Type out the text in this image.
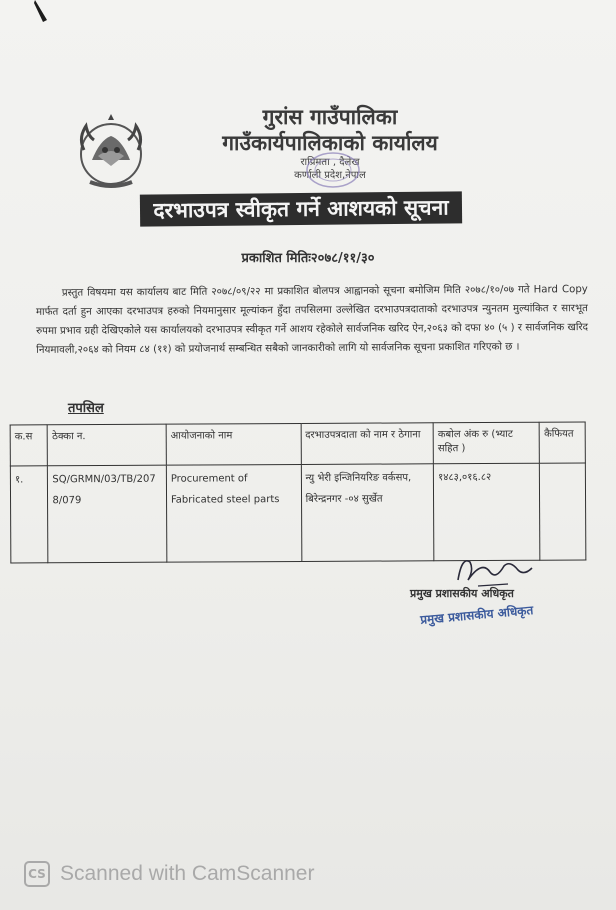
गुरांस गाउँपालिका
गाउँकार्यपालिकाको कार्यालय
राप्रिमता , दैलेख
कर्णाली प्रदेश,नेपाल
दरभाउपत्र स्वीकृत गर्ने आशयको सूचना
प्रकाशित मितिः२०७८/११/३०

प्रस्तुत विषयमा यस कार्यालय बाट मिति २०७८/०९/२२ मा प्रकाशित बोलपत्र आह्वानको सूचना बमोजिम मिति २०७८/१०/०७ गते Hard Copy मार्फत दर्ता हुन आएका दरभाउपत्र हरुको नियमानुसार मूल्यांकन हुँदा तपसिलमा उल्लेखित दरभाउपत्रदाताको दरभाउपत्र न्युनतम मुल्यांकित र सारभूत रुपमा प्रभाव ग्रही देखिएकोले यस कार्यालयको दरभाउपत्र स्वीकृत गर्ने आशय रहेकोले सार्वजनिक खरिद ऐन,२०६३ को दफा ४० (५ ) र सार्वजनिक खरिद नियमावली,२०६४ को नियम ८४ (११) को प्रयोजनार्थ सम्बन्धित सबैको जानकारीको लागि यो सार्वजनिक सूचना प्रकाशित गरिएको छ ।

तपसिल
क.स	ठेक्का न.	आयोजनाको नाम	दरभाउपत्रदाता को नाम र ठेगाना	कबोल अंक रु (भ्याट सहित )	कैफियत
१.	SQ/GRMN/03/TB/2078/079	Procurement of Fabricated steel parts	न्यु भेरी इन्जिनियरिङ वर्कसप, बिरेन्द्रनगर -०४ सुर्खेत	१४८३,०१६.८२	
प्रमुख प्रशासकीय अधिकृत
प्रमुख प्रशासकीय अधिकृत
CS Scanned with CamScanner
